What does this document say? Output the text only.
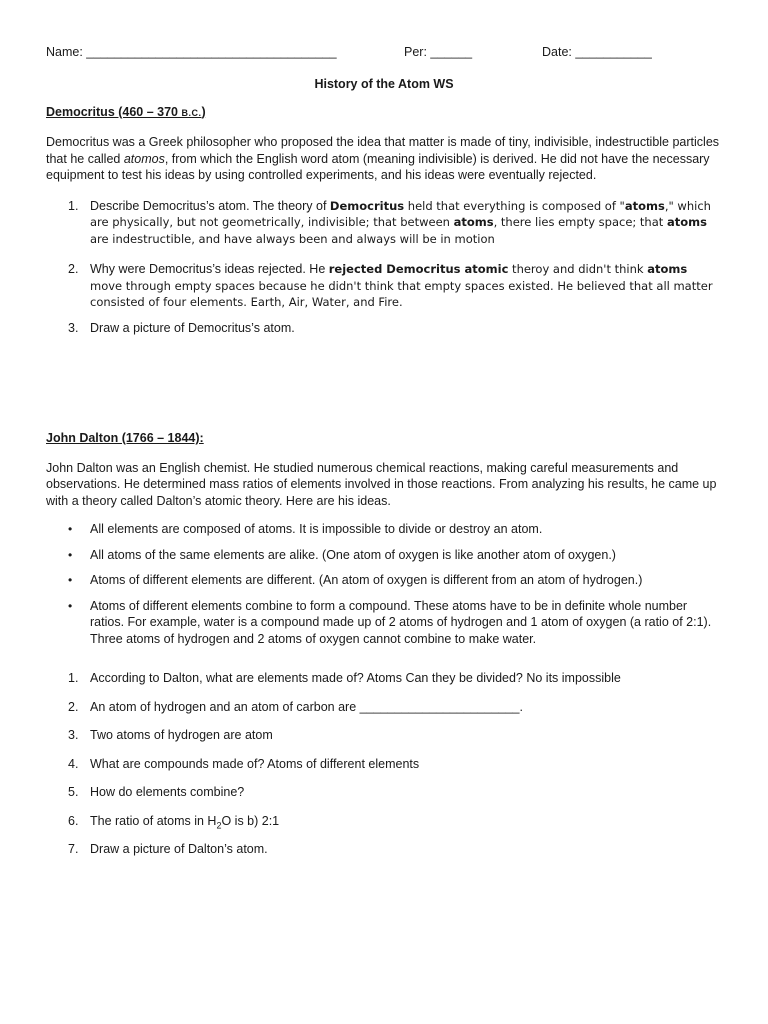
Name: ____________________________________	Per: ______	Date: ___________
History of the Atom WS
Democritus (460 – 370 B.C.)

Democritus was a Greek philosopher who proposed the idea that matter is made of tiny, indivisible, indestructible particles that he called atomos, from which the English word atom (meaning indivisible) is derived. He did not have the necessary equipment to test his ideas by using controlled experiments, and his ideas were eventually rejected.

1. Describe Democritus’s atom. The theory of Democritus held that everything is composed of "atoms," which are physically, but not geometrically, indivisible; that between atoms, there lies empty space; that atoms are indestructible, and have always been and always will be in motion
2. Why were Democritus’s ideas rejected. He rejected Democritus atomic theroy and didn't think atoms move through empty spaces because he didn't think that empty spaces existed. He believed that all matter consisted of four elements. Earth, Air, Water, and Fire.
3. Draw a picture of Democritus’s atom.
John Dalton (1766 – 1844):

John Dalton was an English chemist. He studied numerous chemical reactions, making careful measurements and observations. He determined mass ratios of elements involved in those reactions. From analyzing his results, he came up with a theory called Dalton’s atomic theory. Here are his ideas.

• All elements are composed of atoms. It is impossible to divide or destroy an atom.
• All atoms of the same elements are alike. (One atom of oxygen is like another atom of oxygen.)
• Atoms of different elements are different. (An atom of oxygen is different from an atom of hydrogen.)
• Atoms of different elements combine to form a compound. These atoms have to be in definite whole number ratios. For example, water is a compound made up of 2 atoms of hydrogen and 1 atom of oxygen (a ratio of 2:1). Three atoms of hydrogen and 2 atoms of oxygen cannot combine to make water.
1. According to Dalton, what are elements made of? Atoms Can they be divided? No its impossible
2. An atom of hydrogen and an atom of carbon are _______________________.
3. Two atoms of hydrogen are atom
4. What are compounds made of? Atoms of different elements
5. How do elements combine?
6. The ratio of atoms in $H_2O$ is b) 2:1
7. Draw a picture of Dalton’s atom.
